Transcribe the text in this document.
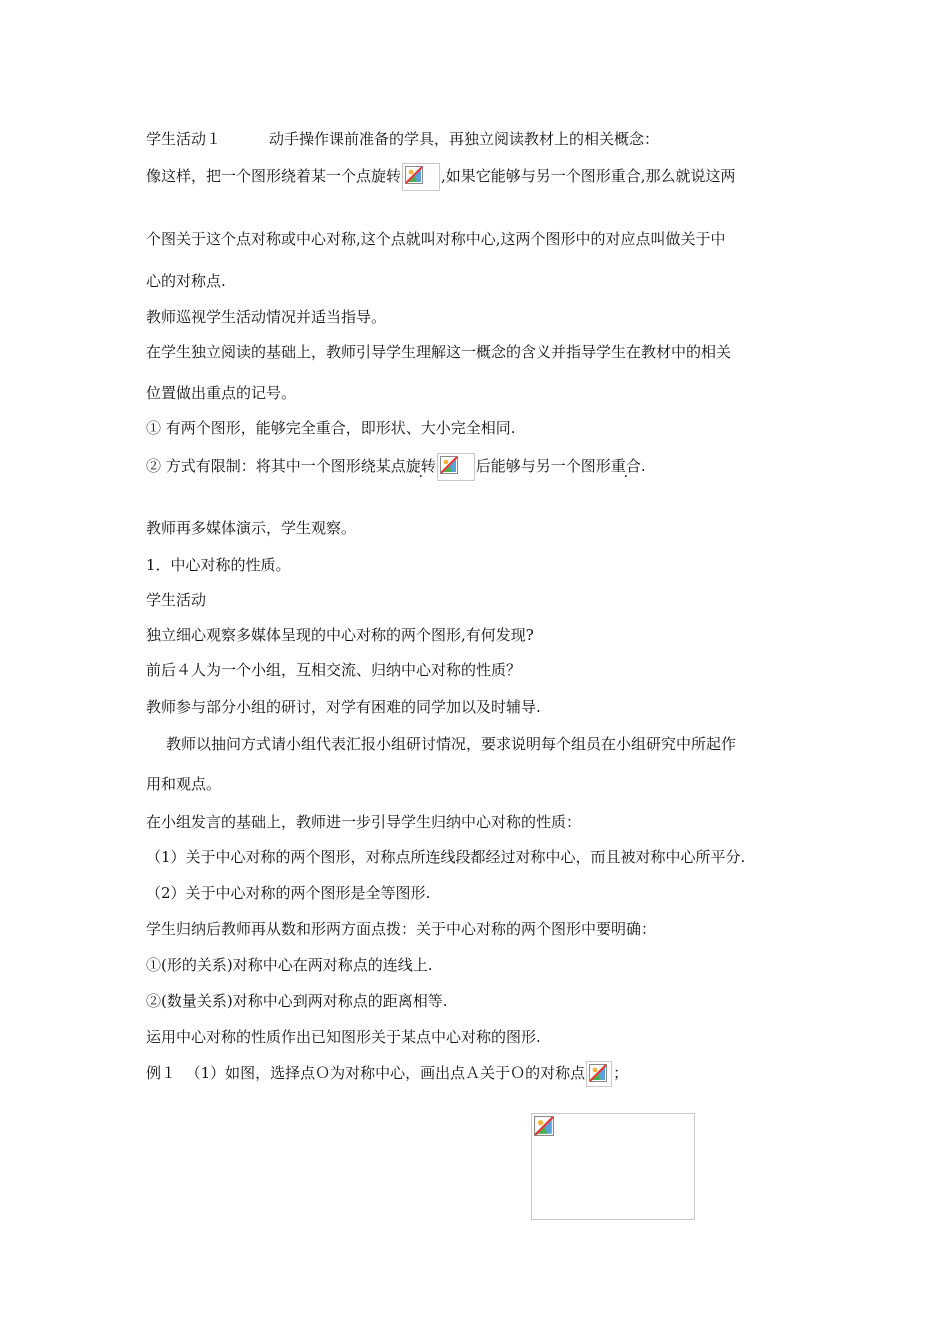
学生活动１	动手操作课前准备的学具，再独立阅读教材上的相关概念：
像这样，把一个图形绕着某一个点旋转	,如果它能够与另一个图形重合,那么就说这两
个图关于这个点对称或中心对称,这个点就叫对称中心,这两个图形中的对应点叫做关于中
心的对称点.
教师巡视学生活动情况并适当指导。
在学生独立阅读的基础上，教师引导学生理解这一概念的含义并指导学生在教材中的相关
位置做出重点的记号。
① 有两个图形，能够完全重合，即形状、大小完全相同.
② 方式有限制：将其中一个图形绕某点旋转	后能够与另一个图形重合.
教师再多媒体演示，学生观察。
1．中心对称的性质。
学生活动
独立细心观察多媒体呈现的中心对称的两个图形,有何发现?
前后４人为一个小组，互相交流、归纳中心对称的性质？
教师参与部分小组的研讨，对学有困难的同学加以及时辅导.
教师以抽问方式请小组代表汇报小组研讨情况，要求说明每个组员在小组研究中所起作
用和观点。
在小组发言的基础上，教师进一步引导学生归纳中心对称的性质：
（1）关于中心对称的两个图形，对称点所连线段都经过对称中心，而且被对称中心所平分.
（2）关于中心对称的两个图形是全等图形.
学生归纳后教师再从数和形两方面点拨：关于中心对称的两个图形中要明确：
①(形的关系)对称中心在两对称点的连线上.
②(数量关系)对称中心到两对称点的距离相等.
运用中心对称的性质作出已知图形关于某点中心对称的图形.
例１ （1）如图，选择点Ｏ为对称中心，画出点Ａ关于Ｏ的对称点 ；
